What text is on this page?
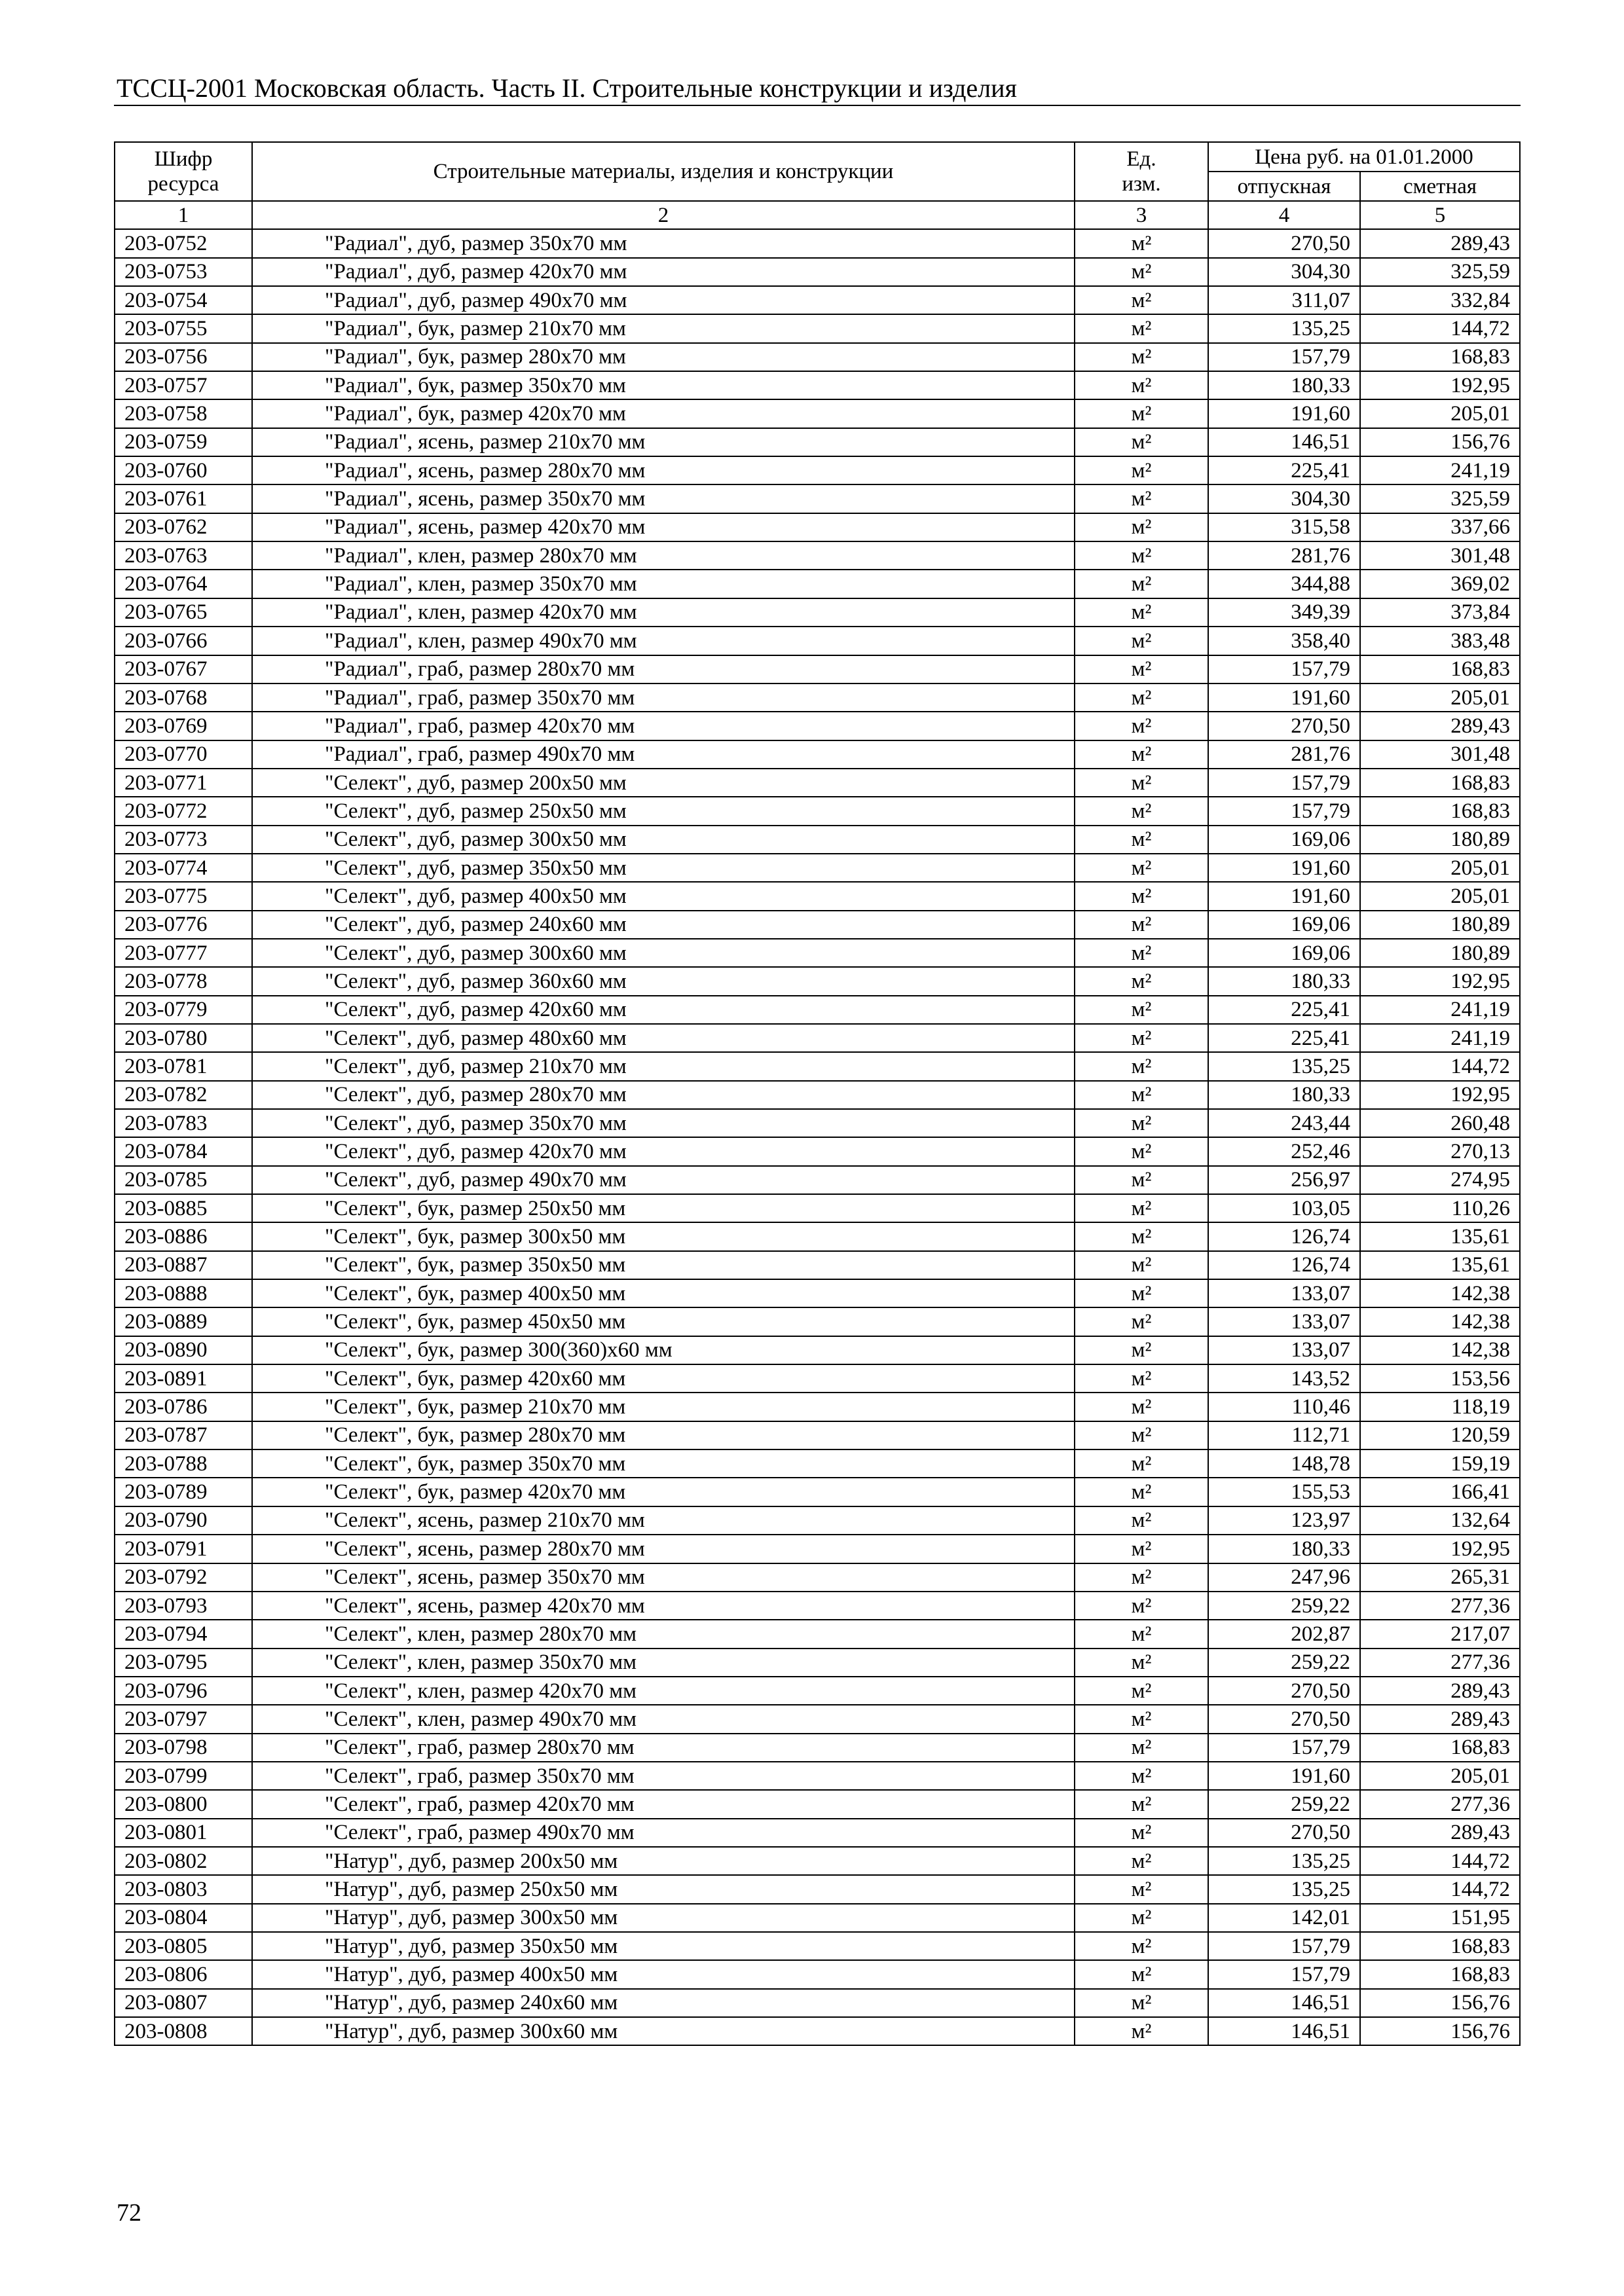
ТССЦ-2001 Московская область. Часть II. Строительные конструкции и изделия
Шифр ресурса	Строительные материалы, изделия и конструкции	Ед. изм.	Цена руб. на 01.01.2000	
			отпускная	сметная
1	2	3	4	5
203-0752	"Радиал", дуб, размер 350х70 мм	м²	270,50	289,43
203-0753	"Радиал", дуб, размер 420х70 мм	м²	304,30	325,59
203-0754	"Радиал", дуб, размер 490х70 мм	м²	311,07	332,84
203-0755	"Радиал", бук, размер 210х70 мм	м²	135,25	144,72
203-0756	"Радиал", бук, размер 280х70 мм	м²	157,79	168,83
203-0757	"Радиал", бук, размер 350х70 мм	м²	180,33	192,95
203-0758	"Радиал", бук, размер 420х70 мм	м²	191,60	205,01
203-0759	"Радиал", ясень, размер 210х70 мм	м²	146,51	156,76
203-0760	"Радиал", ясень, размер 280х70 мм	м²	225,41	241,19
203-0761	"Радиал", ясень, размер 350х70 мм	м²	304,30	325,59
203-0762	"Радиал", ясень, размер 420х70 мм	м²	315,58	337,66
203-0763	"Радиал", клен, размер 280х70 мм	м²	281,76	301,48
203-0764	"Радиал", клен, размер 350х70 мм	м²	344,88	369,02
203-0765	"Радиал", клен, размер 420х70 мм	м²	349,39	373,84
203-0766	"Радиал", клен, размер 490х70 мм	м²	358,40	383,48
203-0767	"Радиал", граб, размер 280х70 мм	м²	157,79	168,83
203-0768	"Радиал", граб, размер 350х70 мм	м²	191,60	205,01
203-0769	"Радиал", граб, размер 420х70 мм	м²	270,50	289,43
203-0770	"Радиал", граб, размер 490х70 мм	м²	281,76	301,48
203-0771	"Селект", дуб, размер 200х50 мм	м²	157,79	168,83
203-0772	"Селект", дуб, размер 250х50 мм	м²	157,79	168,83
203-0773	"Селект", дуб, размер 300х50 мм	м²	169,06	180,89
203-0774	"Селект", дуб, размер 350х50 мм	м²	191,60	205,01
203-0775	"Селект", дуб, размер 400х50 мм	м²	191,60	205,01
203-0776	"Селект", дуб, размер 240х60 мм	м²	169,06	180,89
203-0777	"Селект", дуб, размер 300х60 мм	м²	169,06	180,89
203-0778	"Селект", дуб, размер 360х60 мм	м²	180,33	192,95
203-0779	"Селект", дуб, размер 420х60 мм	м²	225,41	241,19
203-0780	"Селект", дуб, размер 480х60 мм	м²	225,41	241,19
203-0781	"Селект", дуб, размер 210х70 мм	м²	135,25	144,72
203-0782	"Селект", дуб, размер 280х70 мм	м²	180,33	192,95
203-0783	"Селект", дуб, размер 350х70 мм	м²	243,44	260,48
203-0784	"Селект", дуб, размер 420х70 мм	м²	252,46	270,13
203-0785	"Селект", дуб, размер 490х70 мм	м²	256,97	274,95
203-0885	"Селект", бук, размер 250х50 мм	м²	103,05	110,26
203-0886	"Селект", бук, размер 300х50 мм	м²	126,74	135,61
203-0887	"Селект", бук, размер 350х50 мм	м²	126,74	135,61
203-0888	"Селект", бук, размер 400х50 мм	м²	133,07	142,38
203-0889	"Селект", бук, размер 450х50 мм	м²	133,07	142,38
203-0890	"Селект", бук, размер 300(360)х60 мм	м²	133,07	142,38
203-0891	"Селект", бук, размер 420х60 мм	м²	143,52	153,56
203-0786	"Селект", бук, размер 210х70 мм	м²	110,46	118,19
203-0787	"Селект", бук, размер 280х70 мм	м²	112,71	120,59
203-0788	"Селект", бук, размер 350х70 мм	м²	148,78	159,19
203-0789	"Селект", бук, размер 420х70 мм	м²	155,53	166,41
203-0790	"Селект", ясень, размер 210х70 мм	м²	123,97	132,64
203-0791	"Селект", ясень, размер 280х70 мм	м²	180,33	192,95
203-0792	"Селект", ясень, размер 350х70 мм	м²	247,96	265,31
203-0793	"Селект", ясень, размер 420х70 мм	м²	259,22	277,36
203-0794	"Селект", клен, размер 280х70 мм	м²	202,87	217,07
203-0795	"Селект", клен, размер 350х70 мм	м²	259,22	277,36
203-0796	"Селект", клен, размер 420х70 мм	м²	270,50	289,43
203-0797	"Селект", клен, размер 490х70 мм	м²	270,50	289,43
203-0798	"Селект", граб, размер 280х70 мм	м²	157,79	168,83
203-0799	"Селект", граб, размер 350х70 мм	м²	191,60	205,01
203-0800	"Селект", граб, размер 420х70 мм	м²	259,22	277,36
203-0801	"Селект", граб, размер 490х70 мм	м²	270,50	289,43
203-0802	"Натур", дуб, размер 200х50 мм	м²	135,25	144,72
203-0803	"Натур", дуб, размер 250х50 мм	м²	135,25	144,72
203-0804	"Натур", дуб, размер 300х50 мм	м²	142,01	151,95
203-0805	"Натур", дуб, размер 350х50 мм	м²	157,79	168,83
203-0806	"Натур", дуб, размер 400х50 мм	м²	157,79	168,83
203-0807	"Натур", дуб, размер 240х60 мм	м²	146,51	156,76
203-0808	"Натур", дуб, размер 300х60 мм	м²	146,51	156,76
72
